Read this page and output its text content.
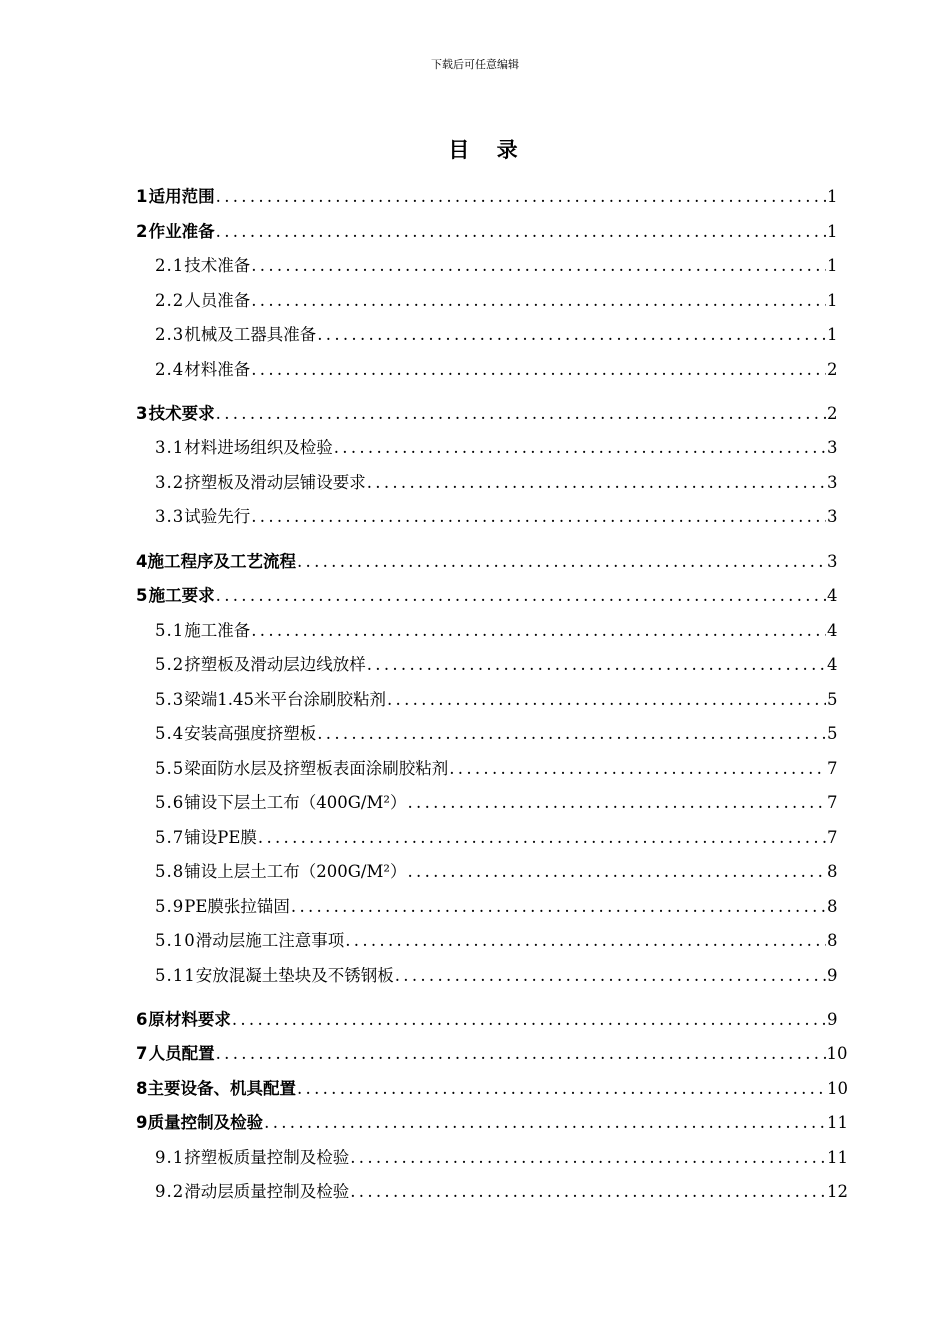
下载后可任意编辑
目 录
1 适用范围 .....	1
2 作业准备 .....	1
2.1 技术准备 .....	1
2.2 人员准备 .....	1
2.3 机械及工器具准备 .....	1
2.4 材料准备 .....	2
3 技术要求 .....	2
3.1 材料进场组织及检验 .....	3
3.2 挤塑板及滑动层铺设要求 .....	3
3.3 试验先行 .....	3
4 施工程序及工艺流程 .....	3
5 施工要求 .....	4
5.1 施工准备 .....	4
5.2 挤塑板及滑动层边线放样 .....	4
5.3 梁端1.45米平台涂刷胶粘剂 .....	5
5.4 安装高强度挤塑板 .....	5
5.5 梁面防水层及挤塑板表面涂刷胶粘剂 .....	7
5.6 铺设下层土工布（400G/M²） .....	7
5.7 铺设PE膜 .....	7
5.8 铺设上层土工布（200G/M²） .....	8
5.9 PE膜张拉锚固 .....	8
5.10 滑动层施工注意事项 .....	8
5.11 安放混凝土垫块及不锈钢板 .....	9
6 原材料要求 .....	9
7 人员配置 .....	10
8 主要设备、机具配置 .....	10
9 质量控制及检验 .....	11
9.1 挤塑板质量控制及检验 .....	11
9.2 滑动层质量控制及检验 .....	12
